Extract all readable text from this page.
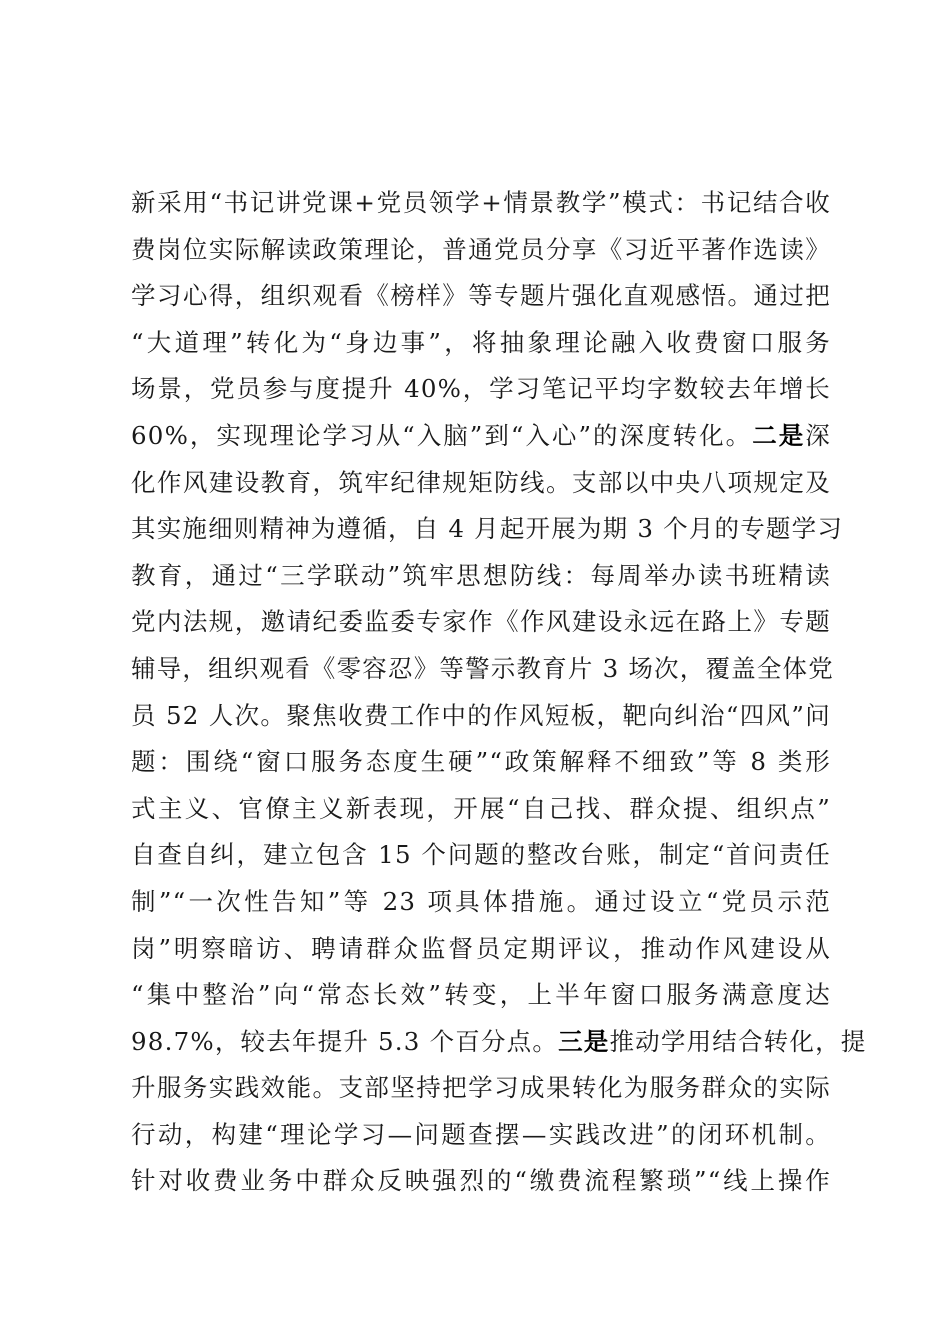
新采用“书记讲党课+党员领学+情景教学”模式：书记结合收
费岗位实际解读政策理论，普通党员分享《习近平著作选读》
学习心得，组织观看《榜样》等专题片强化直观感悟。通过把
“大道理”转化为“身边事”，将抽象理论融入收费窗口服务
场景，党员参与度提升 40%，学习笔记平均字数较去年增长
60%，实现理论学习从“入脑”到“入心”的深度转化。二是深
化作风建设教育，筑牢纪律规矩防线。支部以中央八项规定及
其实施细则精神为遵循，自 4 月起开展为期 3 个月的专题学习
教育，通过“三学联动”筑牢思想防线：每周举办读书班精读
党内法规，邀请纪委监委专家作《作风建设永远在路上》专题
辅导，组织观看《零容忍》等警示教育片 3 场次，覆盖全体党
员 52 人次。聚焦收费工作中的作风短板，靶向纠治“四风”问
题：围绕“窗口服务态度生硬”“政策解释不细致”等 8 类形
式主义、官僚主义新表现，开展“自己找、群众提、组织点”
自查自纠，建立包含 15 个问题的整改台账，制定“首问责任
制”“一次性告知”等 23 项具体措施。通过设立“党员示范
岗”明察暗访、聘请群众监督员定期评议，推动作风建设从
“集中整治”向“常态长效”转变，上半年窗口服务满意度达
98.7%，较去年提升 5.3 个百分点。三是推动学用结合转化，提
升服务实践效能。支部坚持把学习成果转化为服务群众的实际
行动，构建“理论学习—问题查摆—实践改进”的闭环机制。
针对收费业务中群众反映强烈的“缴费流程繁琐”“线上操作
